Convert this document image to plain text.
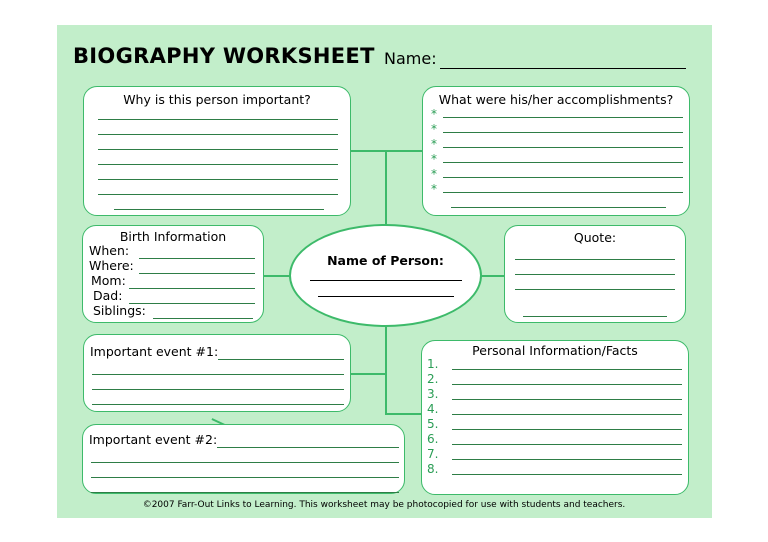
BIOGRAPHY WORKSHEET Name:
Why is this person important?	What were his/her accomplishments?
*
*
*
*
*
*
Birth Information
When:
Where:
Mom:
Dad:
Siblings:
Name of Person:
Quote:
Important event #1:
Important event #2:
Personal Information/Facts
1.
2.
3.
4.
5.
6.
7.
8.
©2007 Farr-Out Links to Learning. This worksheet may be photocopied for use with students and teachers.
